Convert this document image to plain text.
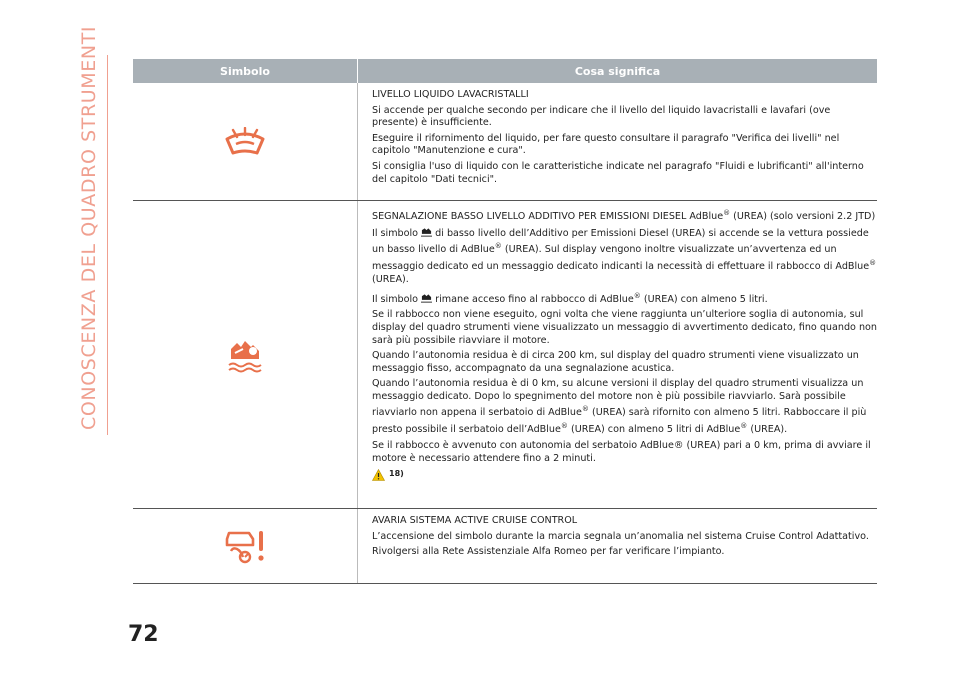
CONOSCENZA DEL QUADRO STRUMENTI	Simbolo	Cosa significa

LIVELLO LIQUIDO LAVACRISTALLI

Si accende per qualche secondo per indicare che il livello del liquido lavacristalli e lavafari (ove presente) è insufficiente.

Eseguire il rifornimento del liquido, per fare questo consultare il paragrafo "Verifica dei livelli" nel capitolo "Manutenzione e cura".

Si consiglia l'uso di liquido con le caratteristiche indicate nel paragrafo "Fluidi e lubrificanti" all'interno del capitolo "Dati tecnici".

SEGNALAZIONE BASSO LIVELLO ADDITIVO PER EMISSIONI DIESEL AdBlue® (UREA) (solo versioni 2.2 JTD)

Il simbolo  di basso livello dell’Additivo per Emissioni Diesel (UREA) si accende se la vettura possiede un basso livello di AdBlue® (UREA). Sul display vengono inoltre visualizzate un’avvertenza ed un messaggio dedicato ed un messaggio dedicato indicanti la necessità di effettuare il rabbocco di AdBlue® (UREA).

Il simbolo  rimane acceso fino al rabbocco di AdBlue® (UREA) con almeno 5 litri.

Se il rabbocco non viene eseguito, ogni volta che viene raggiunta un’ulteriore soglia di autonomia, sul display del quadro strumenti viene visualizzato un messaggio di avvertimento dedicato, fino quando non sarà più possibile riavviare il motore.

Quando l’autonomia residua è di circa 200 km, sul display del quadro strumenti viene visualizzato un messaggio fisso, accompagnato da una segnalazione acustica.

Quando l’autonomia residua è di 0 km, su alcune versioni il display del quadro strumenti visualizza un messaggio dedicato. Dopo lo spegnimento del motore non è più possibile riavviarlo. Sarà possibile riavviarlo non appena il serbatoio di AdBlue® (UREA) sarà rifornito con almeno 5 litri. Rabboccare il più presto possibile il serbatoio dell’AdBlue® (UREA) con almeno 5 litri di AdBlue® (UREA).

Se il rabbocco è avvenuto con autonomia del serbatoio AdBlue® (UREA) pari a 0 km, prima di avviare il motore è necessario attendere fino a 2 minuti.

18)

AVARIA SISTEMA ACTIVE CRUISE CONTROL

L’accensione del simbolo durante la marcia segnala un’anomalia nel sistema Cruise Control Adattativo.

Rivolgersi alla Rete Assistenziale Alfa Romeo per far verificare l’impianto.

72
